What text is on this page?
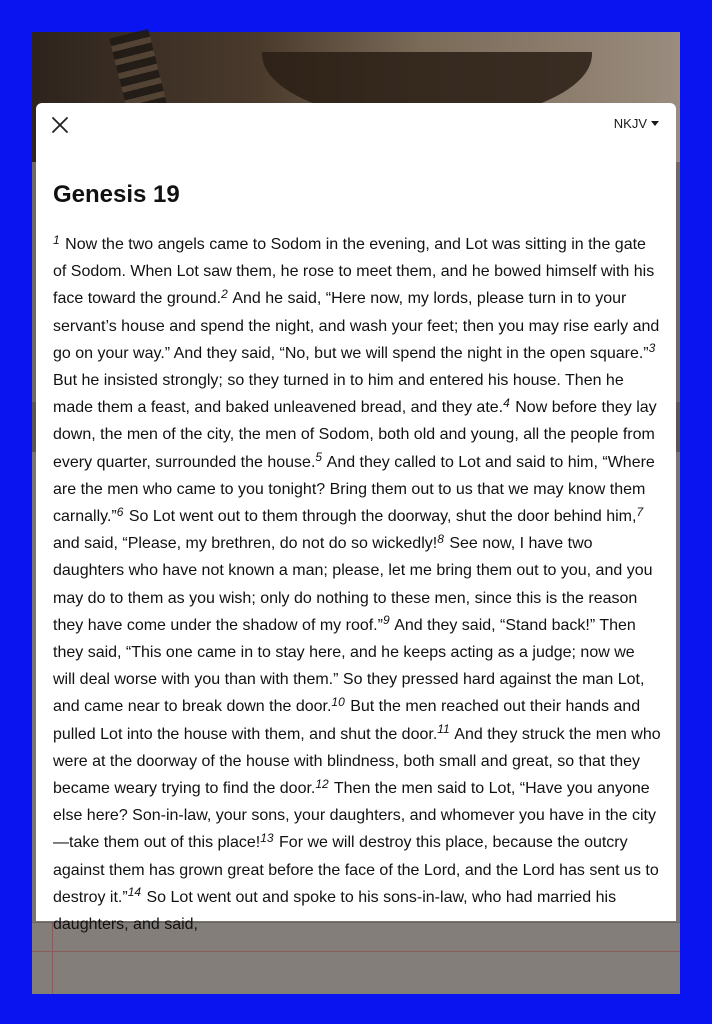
NKJV
Genesis 19

$^1$ Now the two angels came to Sodom in the evening, and Lot was sitting in the gate of Sodom. When Lot saw them, he rose to meet them, and he bowed himself with his face toward the ground.$^2$ And he said, “Here now, my lords, please turn in to your servant’s house and spend the night, and wash your feet; then you may rise early and go on your way.” And they said, “No, but we will spend the night in the open square.”$^3$ But he insisted strongly; so they turned in to him and entered his house. Then he made them a feast, and baked unleavened bread, and they ate.$^4$ Now before they lay down, the men of the city, the men of Sodom, both old and young, all the people from every quarter, surrounded the house.$^5$ And they called to Lot and said to him, “Where are the men who came to you tonight? Bring them out to us that we may know them carnally.”$^6$ So Lot went out to them through the doorway, shut the door behind him,$^7$ and said, “Please, my brethren, do not do so wickedly!$^8$ See now, I have two daughters who have not known a man; please, let me bring them out to you, and you may do to them as you wish; only do nothing to these men, since this is the reason they have come under the shadow of my roof.”$^9$ And they said, “Stand back!” Then they said, “This one came in to stay here, and he keeps acting as a judge; now we will deal worse with you than with them.” So they pressed hard against the man Lot, and came near to break down the door.$^{10}$ But the men reached out their hands and pulled Lot into the house with them, and shut the door.$^{11}$ And they struck the men who were at the doorway of the house with blindness, both small and great, so that they became weary trying to find the door.$^{12}$ Then the men said to Lot, “Have you anyone else here? Son-in-law, your sons, your daughters, and whomever you have in the city—take them out of this place!$^{13}$ For we will destroy this place, because the outcry against them has grown great before the face of the Lord, and the Lord has sent us to destroy it.”$^{14}$ So Lot went out and spoke to his sons-in-law, who had married his daughters, and said,
